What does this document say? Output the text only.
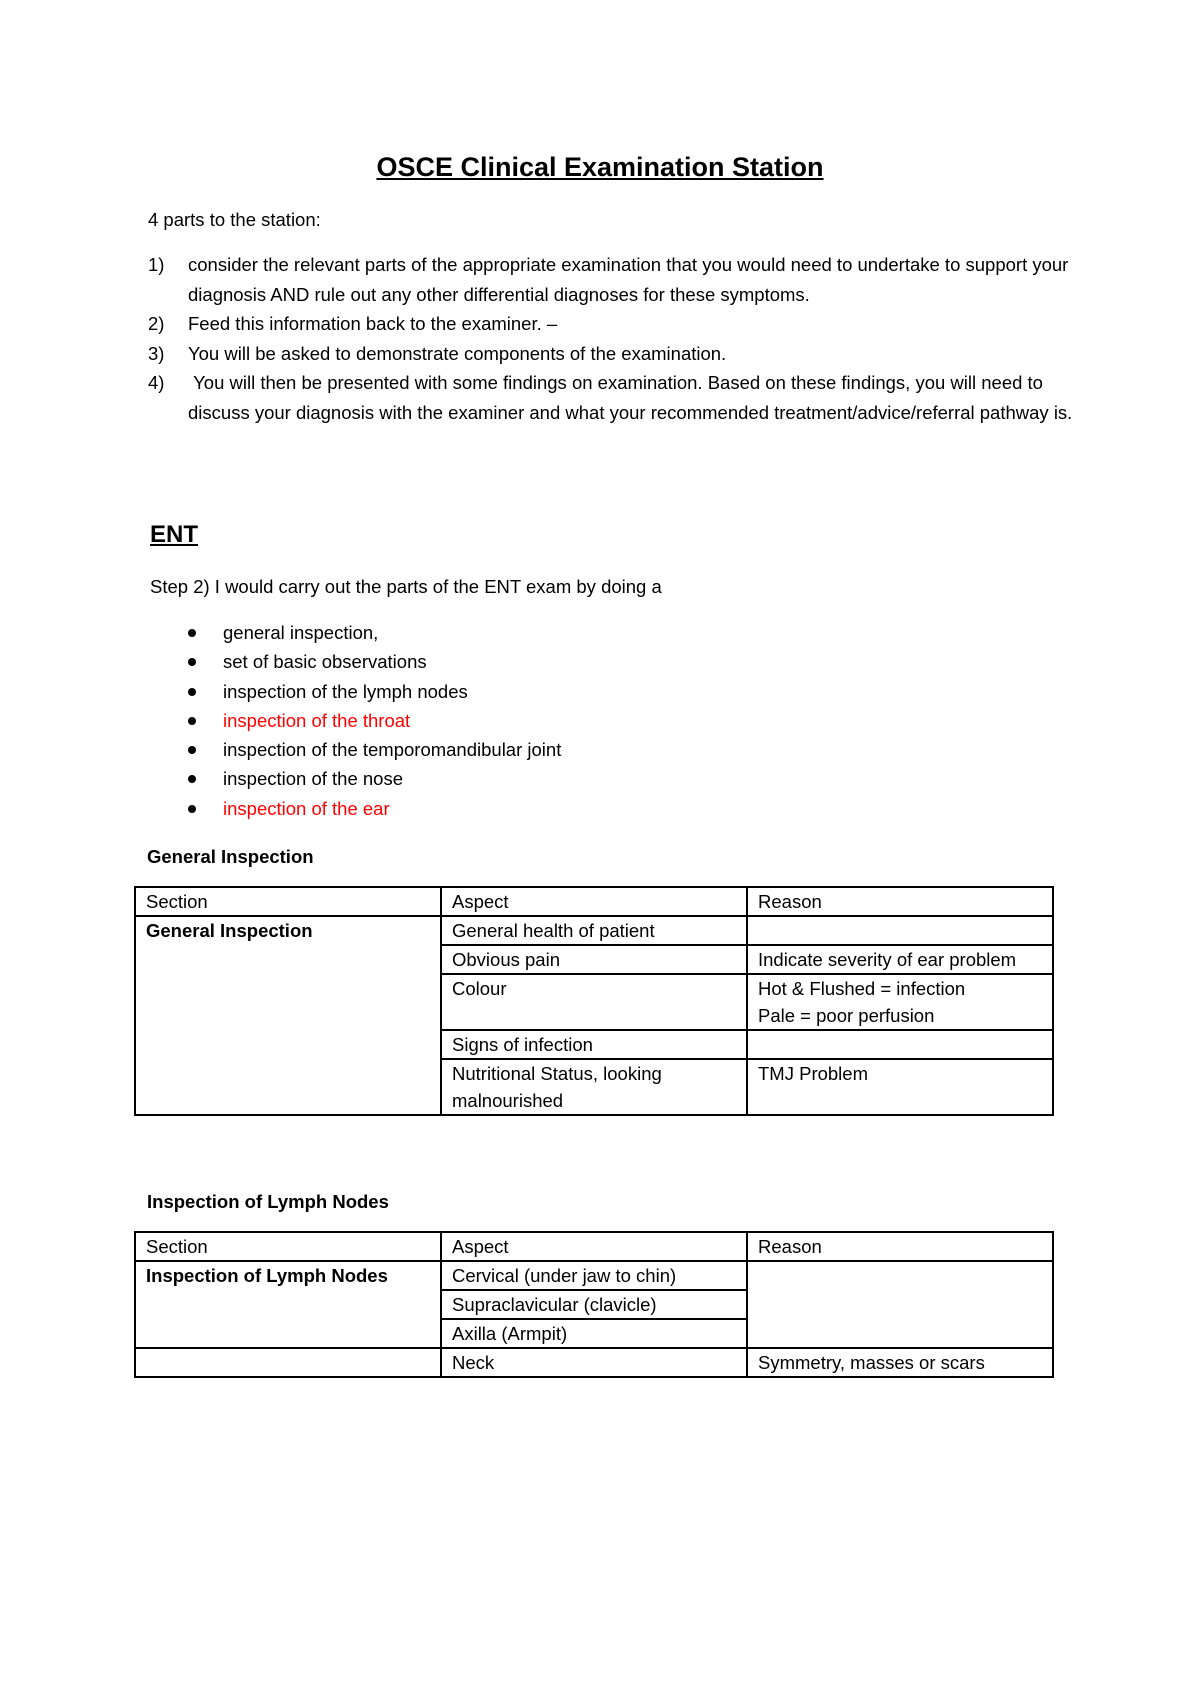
OSCE Clinical Examination Station
4 parts to the station:
1) consider the relevant parts of the appropriate examination that you would need to undertake to support your diagnosis AND rule out any other differential diagnoses for these symptoms.
2) Feed this information back to the examiner. –
3) You will be asked to demonstrate components of the examination.
4) You will then be presented with some findings on examination. Based on these findings, you will need to discuss your diagnosis with the examiner and what your recommended treatment/advice/referral pathway is.
ENT
Step 2) I would carry out the parts of the ENT exam by doing a
general inspection,
set of basic observations
inspection of the lymph nodes
inspection of the throat
inspection of the temporomandibular joint
inspection of the nose
inspection of the ear
General Inspection
Section	Aspect	Reason
General Inspection	General health of patient	
	Obvious pain	Indicate severity of ear problem
	Colour	Hot & Flushed = infection
Pale = poor perfusion
	Signs of infection	
	Nutritional Status, looking malnourished	TMJ Problem
Inspection of Lymph Nodes
Section	Aspect	Reason
Inspection of Lymph Nodes	Cervical (under jaw to chin)	
	Supraclavicular (clavicle)	
	Axilla (Armpit)	
	Neck	Symmetry, masses or scars
